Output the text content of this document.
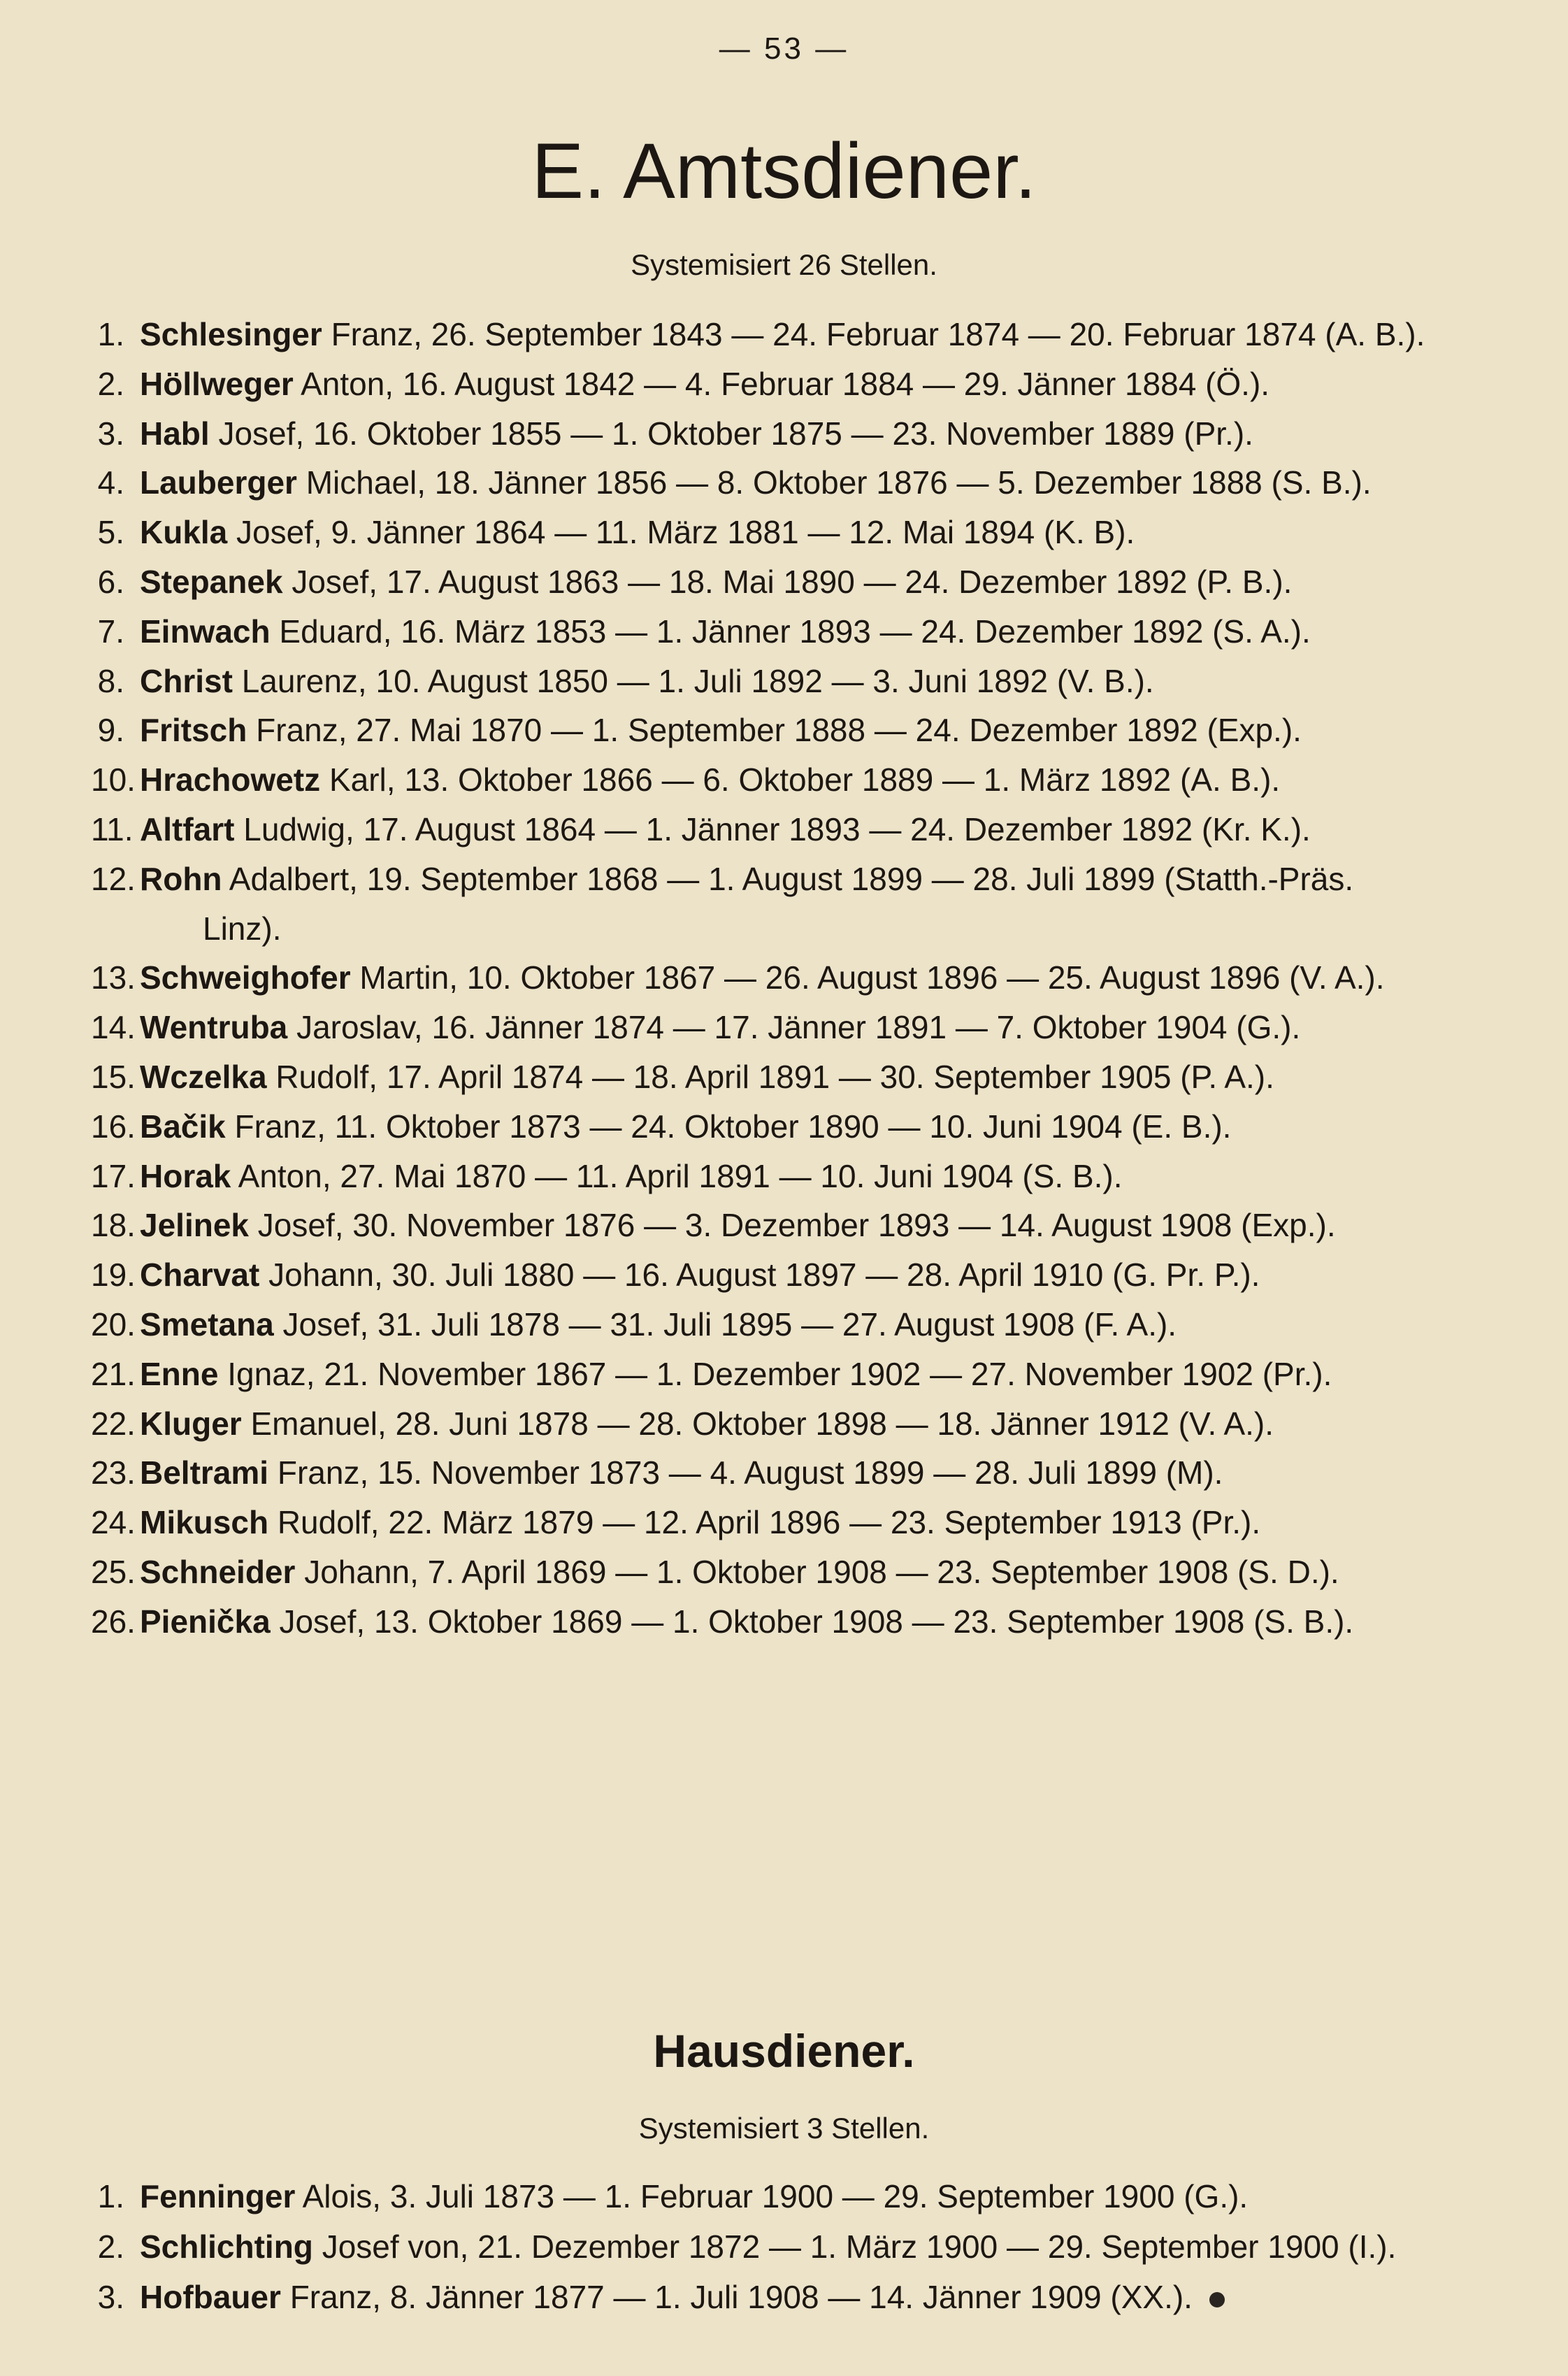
— 53 —
E. Amtsdiener.
Systemisiert 26 Stellen.
1. Schlesinger Franz, 26. September 1843 — 24. Februar 1874 — 20. Februar 1874 (A. B.).
2. Höllweger Anton, 16. August 1842 — 4. Februar 1884 — 29. Jänner 1884 (Ö.).
3. Habl Josef, 16. Oktober 1855 — 1. Oktober 1875 — 23. November 1889 (Pr.).
4. Lauberger Michael, 18. Jänner 1856 — 8. Oktober 1876 — 5. Dezember 1888 (S. B.).
5. Kukla Josef, 9. Jänner 1864 — 11. März 1881 — 12. Mai 1894 (K. B).
6. Stepanek Josef, 17. August 1863 — 18. Mai 1890 — 24. Dezember 1892 (P. B.).
7. Einwach Eduard, 16. März 1853 — 1. Jänner 1893 — 24. Dezember 1892 (S. A.).
8. Christ Laurenz, 10. August 1850 — 1. Juli 1892 — 3. Juni 1892 (V. B.).
9. Fritsch Franz, 27. Mai 1870 — 1. September 1888 — 24. Dezember 1892 (Exp.).
10. Hrachowetz Karl, 13. Oktober 1866 — 6. Oktober 1889 — 1. März 1892 (A. B.).
11. Altfart Ludwig, 17. August 1864 — 1. Jänner 1893 — 24. Dezember 1892 (Kr. K.).
12. Rohn Adalbert, 19. September 1868 — 1. August 1899 — 28. Juli 1899 (Statth.-Präs.
Linz).
13. Schweighofer Martin, 10. Oktober 1867 — 26. August 1896 — 25. August 1896 (V. A.).
14. Wentruba Jaroslav, 16. Jänner 1874 — 17. Jänner 1891 — 7. Oktober 1904 (G.).
15. Wczelka Rudolf, 17. April 1874 — 18. April 1891 — 30. September 1905 (P. A.).
16. Bačik Franz, 11. Oktober 1873 — 24. Oktober 1890 — 10. Juni 1904 (E. B.).
17. Horak Anton, 27. Mai 1870 — 11. April 1891 — 10. Juni 1904 (S. B.).
18. Jelinek Josef, 30. November 1876 — 3. Dezember 1893 — 14. August 1908 (Exp.).
19. Charvat Johann, 30. Juli 1880 — 16. August 1897 — 28. April 1910 (G. Pr. P.).
20. Smetana Josef, 31. Juli 1878 — 31. Juli 1895 — 27. August 1908 (F. A.).
21. Enne Ignaz, 21. November 1867 — 1. Dezember 1902 — 27. November 1902 (Pr.).
22. Kluger Emanuel, 28. Juni 1878 — 28. Oktober 1898 — 18. Jänner 1912 (V. A.).
23. Beltrami Franz, 15. November 1873 — 4. August 1899 — 28. Juli 1899 (M).
24. Mikusch Rudolf, 22. März 1879 — 12. April 1896 — 23. September 1913 (Pr.).
25. Schneider Johann, 7. April 1869 — 1. Oktober 1908 — 23. September 1908 (S. D.).
26. Pienička Josef, 13. Oktober 1869 — 1. Oktober 1908 — 23. September 1908 (S. B.).
Hausdiener.
Systemisiert 3 Stellen.
1. Fenninger Alois, 3. Juli 1873 — 1. Februar 1900 — 29. September 1900 (G.).
2. Schlichting Josef von, 21. Dezember 1872 — 1. März 1900 — 29. September 1900 (I.).
3. Hofbauer Franz, 8. Jänner 1877 — 1. Juli 1908 — 14. Jänner 1909 (XX.).
